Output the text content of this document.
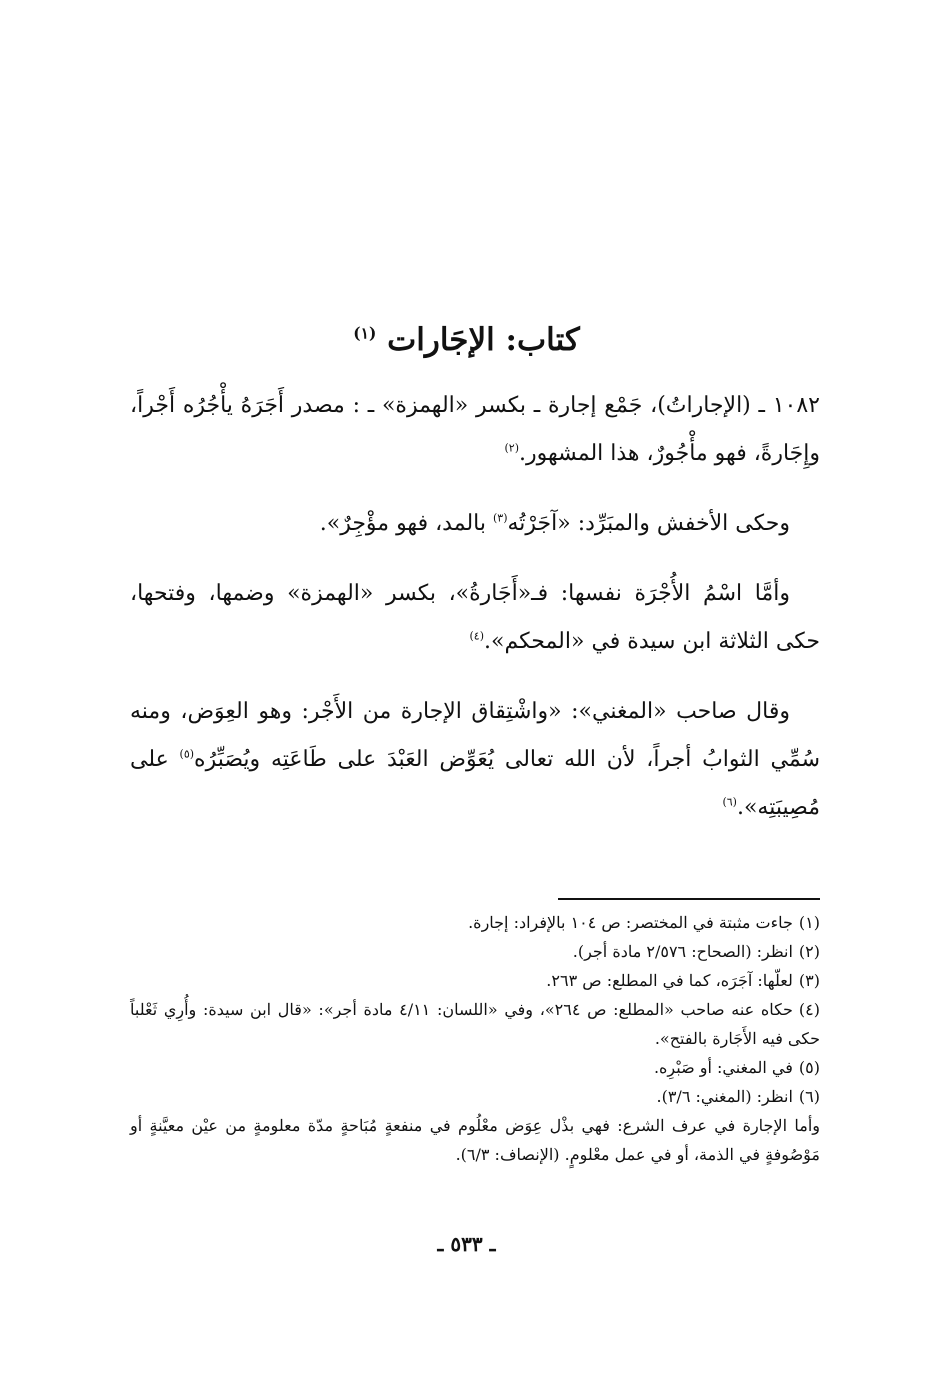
كتاب: الإجَارات $^{(١)}$

١٠٨٢ ـ (الإجاراتُ)، جَمْع إجارة ـ بكسر «الهمزة» ـ : مصدر أَجَرَهُ يأْجُرُه أَجْراً، وإِجَارةً، فهو مأْجُورٌ، هذا المشهور.$^{(٢)}$

وحكى الأخفش والمبَرِّد: «آجَرْتُه$^{(٣)}$ بالمد، فهو مؤْجِرٌ».

وأمَّا اسْمُ الأُجْرَة نفسها: فـ«أَجَارةُ»، بكسر «الهمزة» وضمها، وفتحها، حكى الثلاثة ابن سيدة في «المحكم».$^{(٤)}$

وقال صاحب «المغني»: «واشْتِقاق الإجارة من الأَجْر: وهو العِوَض، ومنه سُمِّي الثوابُ أجراً، لأن الله تعالى يُعَوِّض العَبْدَ على طَاعَتِه ويُصَبِّرُه$^{(٥)}$ على مُصِيبَتِه».$^{(٦)}$

(١)جاءت مثبتة في المختصر: ص ١٠٤ بالإفراد: إجارة.

(٢)انظر: (الصحاح: ٢/٥٧٦ مادة أجر).

(٣)لعلّها: آجَرَه، كما في المطلع: ص ٢٦٣.

(٤)حكاه عنه صاحب «المطلع: ص ٢٦٤»، وفي «اللسان: ٤/١١ مادة أجر»: «قال ابن سيدة: وأُرِي ثَعْلباً حكى فيه الأَجَارة بالفتح».

(٥)في المغني: أو صَبْرِه.

(٦)انظر: (المغني: ٣/٦).

وأما الإجارة في عرف الشرع: فهي بذْل عِوَض معْلُوم في منفعةٍ مُبَاحةٍ مدّة معلومةٍ من عيْن معيَّنةٍ أو مَوْصُوفةٍ في الذمة، أو في عمل معْلومٍ. (الإنصاف: ٦/٣).

ـ ٥٣٣ ـ
